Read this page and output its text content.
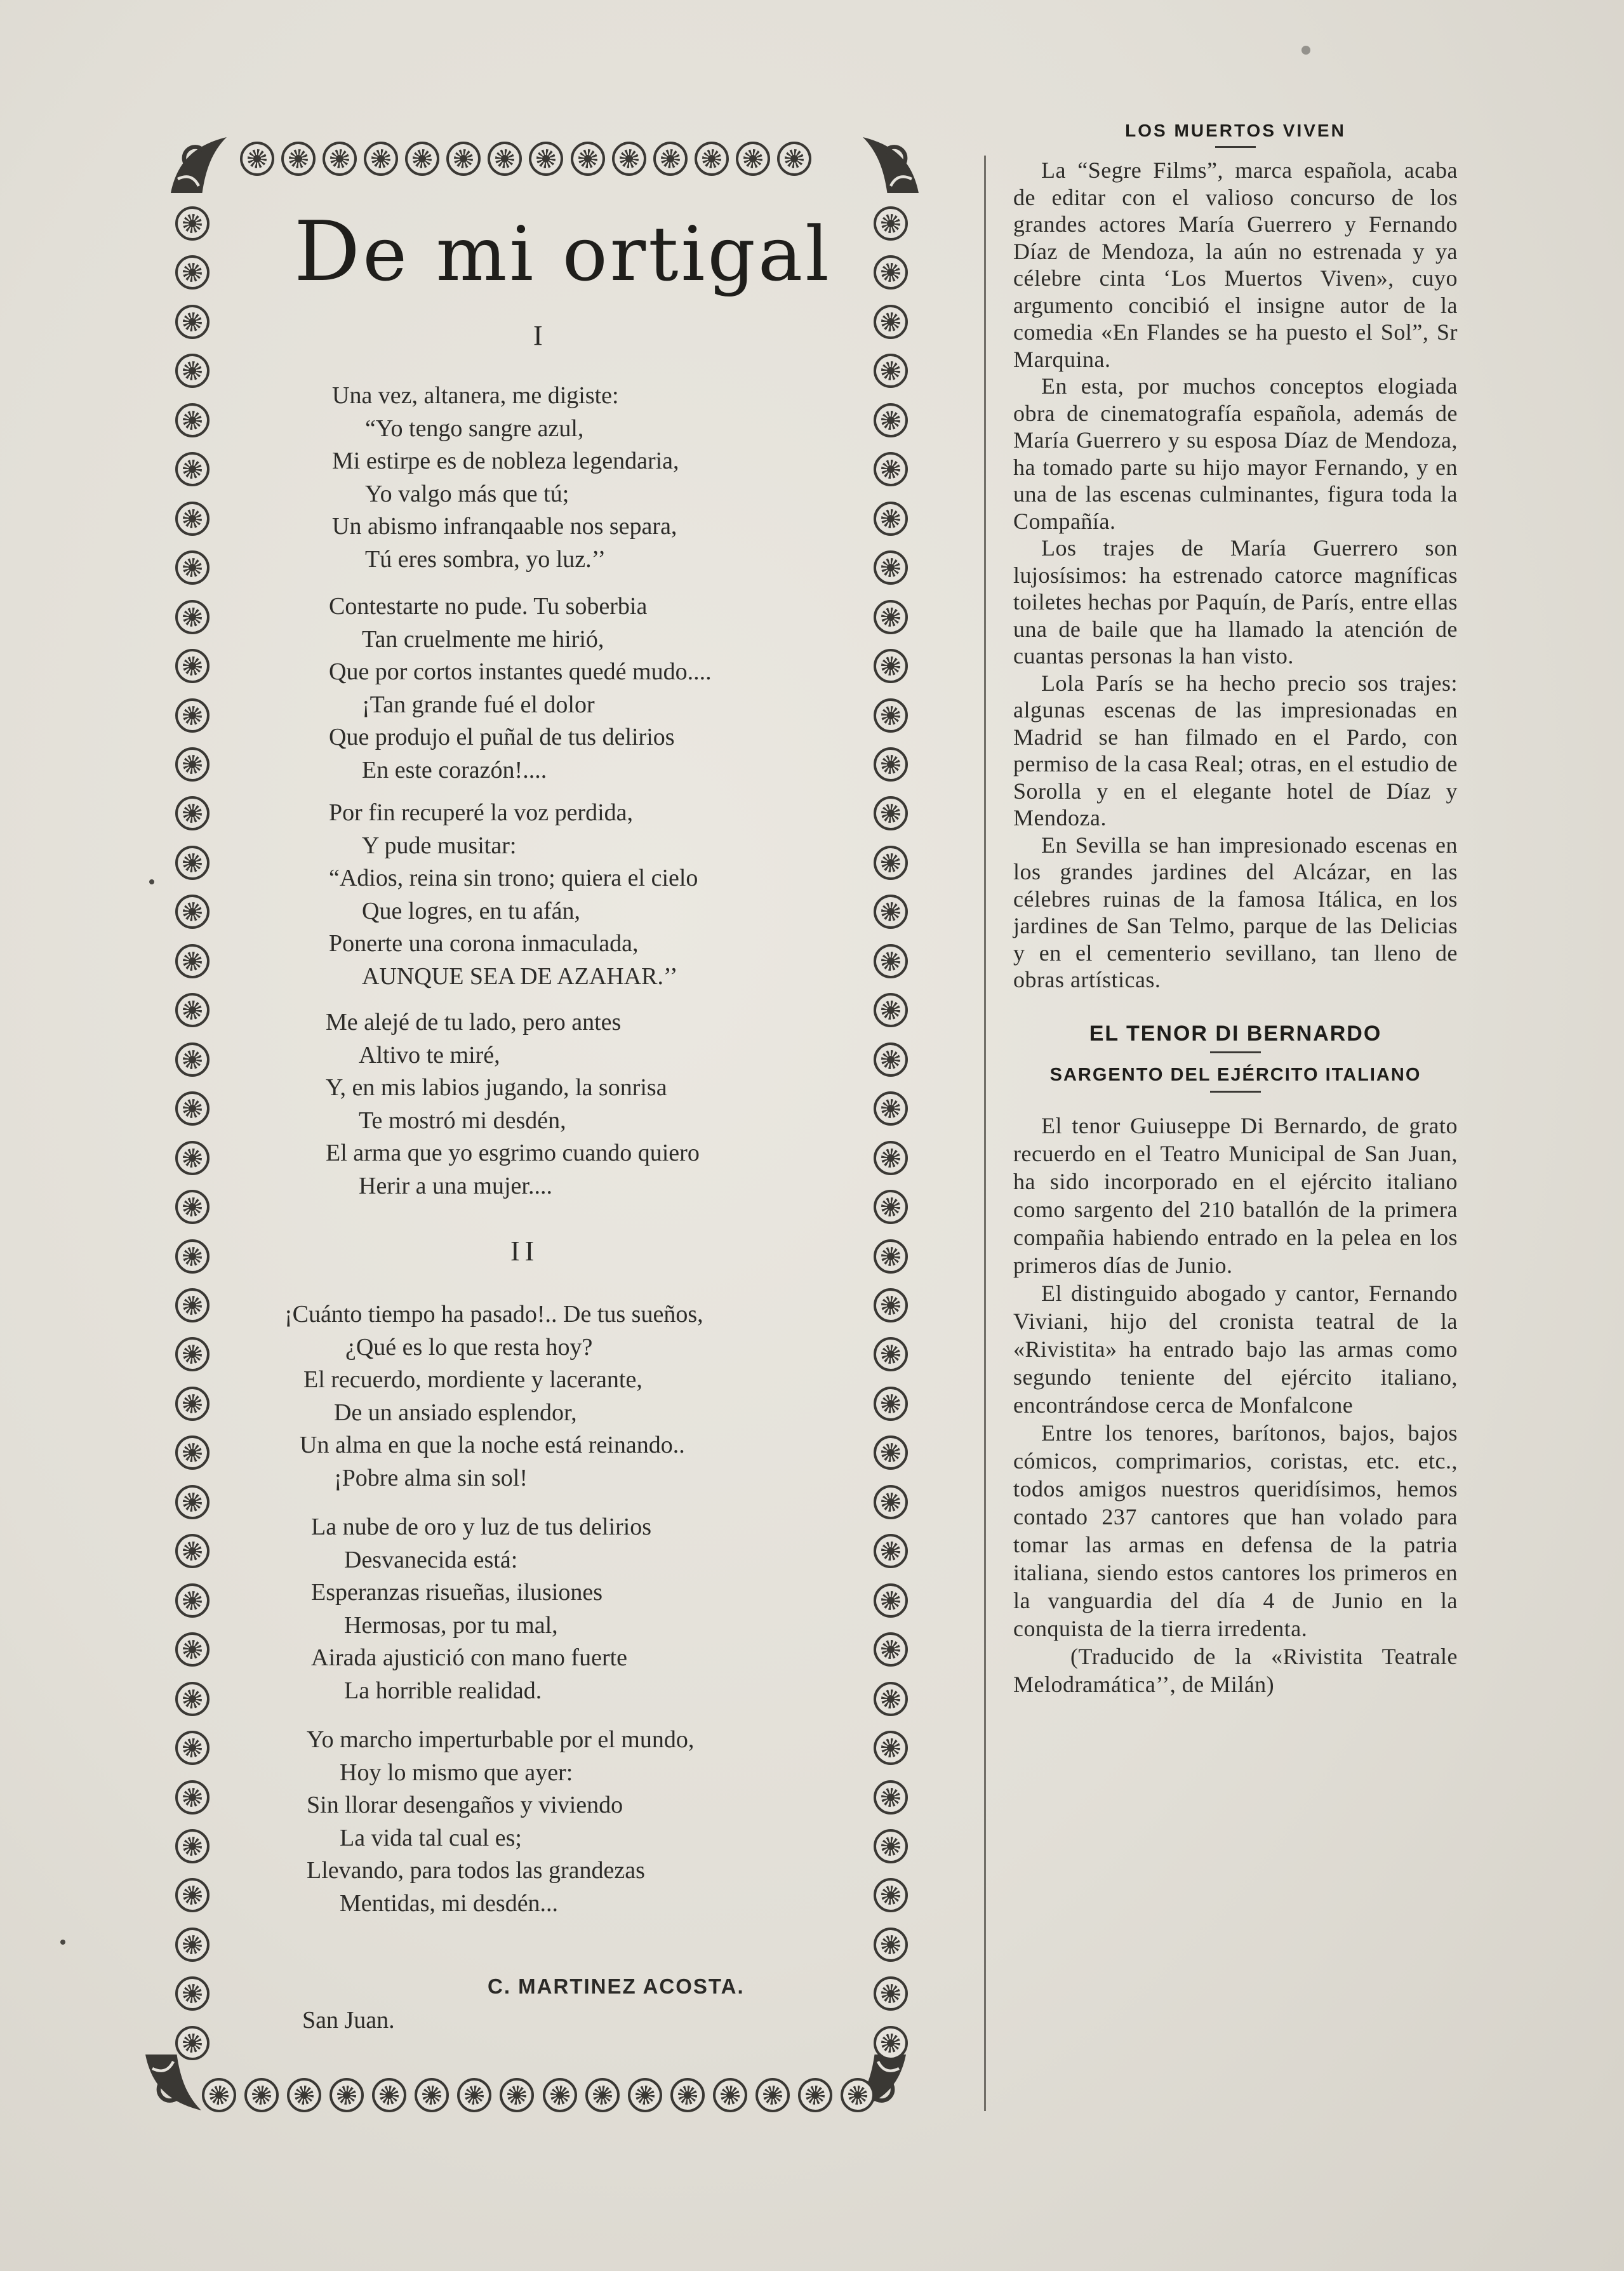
De mi ortigal
I
Una vez, altanera, me digiste:
“Yo tengo sangre azul,
Mi estirpe es de nobleza legendaria,
Yo valgo más que tú;
Un abismo infranqaable nos separa,
Tú eres sombra, yo luz.’’
Contestarte no pude. Tu soberbia
Tan cruelmente me hirió,
Que por cortos instantes quedé mudo....
¡Tan grande fué el dolor
Que produjo el puñal de tus delirios
En este corazón!....
Por fin recuperé la voz perdida,
Y pude musitar:
“Adios, reina sin trono; quiera el cielo
Que logres, en tu afán,
Ponerte una corona inmaculada,
AUNQUE SEA DE AZAHAR.’’
Me alejé de tu lado, pero antes
Altivo te miré,
Y, en mis labios jugando, la sonrisa
Te mostró mi desdén,
El arma que yo esgrimo cuando quiero
Herir a una mujer....
II
¡Cuánto tiempo ha pasado!.. De tus sueños,
¿Qué es lo que resta hoy?
El recuerdo, mordiente y lacerante,
De un ansiado esplendor,
Un alma en que la noche está reinando..
¡Pobre alma sin sol!
La nube de oro y luz de tus delirios
Desvanecida está:
Esperanzas risueñas, ilusiones
Hermosas, por tu mal,
Airada ajustició con mano fuerte
La horrible realidad.
Yo marcho imperturbable por el mundo,
Hoy lo mismo que ayer:
Sin llorar desengaños y viviendo
La vida tal cual es;
Llevando, para todos las grandezas
Mentidas, mi desdén...
C. MARTINEZ ACOSTA.
San Juan.
LOS MUERTOS VIVEN

La “Segre Films”, marca española, acaba de editar con el valioso concurso de los grandes actores María Guerrero y Fernando Díaz de Mendoza, la aún no estrenada y ya célebre cinta ‘Los Muertos Viven», cuyo argumento concibió el insigne autor de la comedia «En Flandes se ha puesto el Sol”, Sr Marquina.

En esta, por muchos conceptos elogiada obra de cinematografía española, además de María Guerrero y su esposa Díaz de Mendoza, ha tomado parte su hijo mayor Fernando, y en una de las escenas culminantes, figura toda la Compañía.

Los trajes de María Guerrero son lujosísimos: ha estrenado catorce magníficas toiletes hechas por Paquín, de París, entre ellas una de baile que ha llamado la atención de cuantas personas la han visto.

Lola París se ha hecho precio sos trajes: algunas escenas de las impresionadas en Madrid se han filmado en el Pardo, con permiso de la casa Real; otras, en el estudio de Sorolla y en el elegante hotel de Díaz y Mendoza.

En Sevilla se han impresionado escenas en los grandes jardines del Alcázar, en las célebres ruinas de la famosa Itálica, en los jardines de San Telmo, parque de las Delicias y en el cementerio sevillano, tan lleno de obras artísticas.

EL TENOR DI BERNARDO
SARGENTO DEL EJÉRCITO ITALIANO

El tenor Guiuseppe Di Bernardo, de grato recuerdo en el Teatro Municipal de San Juan, ha sido incorporado en el ejército italiano como sargento del 210 batallón de la primera compañia habiendo entrado en la pelea en los primeros días de Junio.

El distinguido abogado y cantor, Fernando Viviani, hijo del cronista teatral de la «Rivistita» ha entrado bajo las armas como segundo teniente del ejército italiano, encontrándose cerca de Monfalcone

Entre los tenores, barítonos, bajos, bajos cómicos, comprimarios, coristas, etc. etc., todos amigos nuestros queridísimos, hemos contado 237 cantores que han volado para tomar las armas en defensa de la patria italiana, siendo estos cantores los primeros en la vanguardia del día 4 de Junio en la conquista de la tierra irredenta.

(Traducido de la «Rivistita Teatrale Melodramática’’, de Milán)
